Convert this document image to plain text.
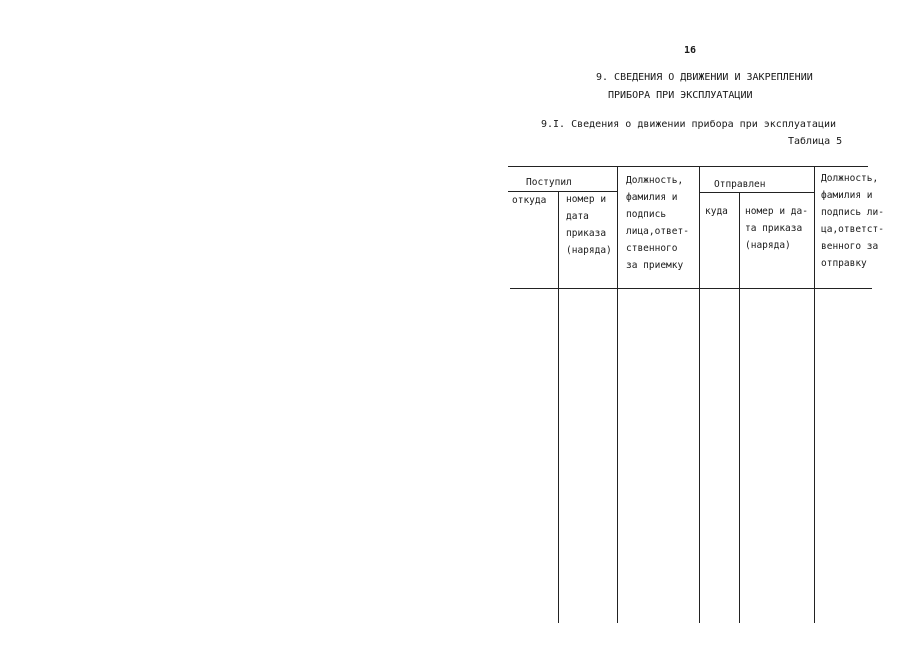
16
9. СВЕДЕНИЯ О ДВИЖЕНИИ И ЗАКРЕПЛЕНИИ
ПРИБОРА ПРИ ЭКСПЛУАТАЦИИ
9.I. Сведения о движении прибора при эксплуатации
Таблица 5
Поступил
откуда номер и
дата
приказа
(наряда)
Должность,
фамилия и
подпись
лица,ответ-
ственного
за приемку
Отправлен
куда номер и да-
та приказа
(наряда)
Должность,
фамилия и
подпись ли-
ца,ответст-
венного за
отправку
